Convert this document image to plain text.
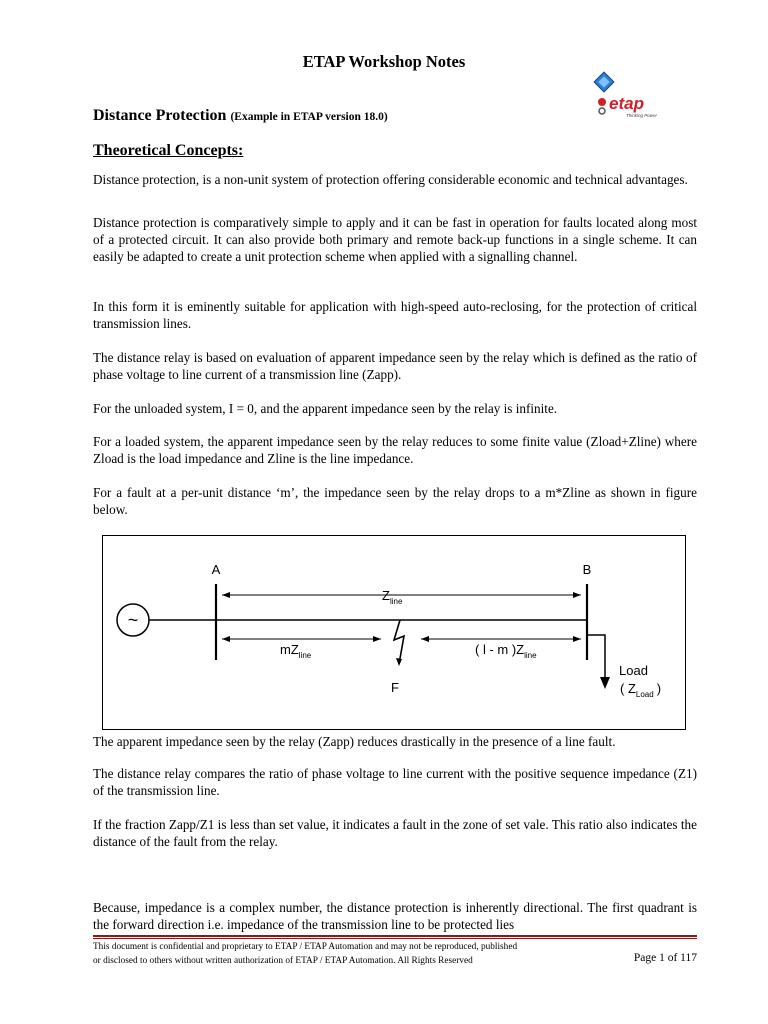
ETAP Workshop Notes
etap
Thinking Power
Distance Protection (Example in ETAP version 18.0)
Theoretical Concepts:

Distance protection, is a non-unit system of protection offering considerable economic and technical advantages.

Distance protection is comparatively simple to apply and it can be fast in operation for faults located along most of a protected circuit. It can also provide both primary and remote back-up functions in a single scheme. It can easily be adapted to create a unit protection scheme when applied with a signalling channel.

In this form it is eminently suitable for application with high-speed auto-reclosing, for the protection of critical transmission lines.

The distance relay is based on evaluation of apparent impedance seen by the relay which is defined as the ratio of phase voltage to line current of a transmission line (Zapp).

For the unloaded system, I = 0, and the apparent impedance seen by the relay is infinite.

For a loaded system, the apparent impedance seen by the relay reduces to some finite value (Zload+Zline) where Zload is the load impedance and Zline is the line impedance.

For a fault at a per-unit distance ‘m’, the impedance seen by the relay drops to a m*Zline as shown in figure below.

~
A	B
$Z_{line}$
$mZ_{line}$	( l - m )$Z_{line}$
F
Load
( $Z_{Load}$ )

The apparent impedance seen by the relay (Zapp) reduces drastically in the presence of a line fault.

The distance relay compares the ratio of phase voltage to line current with the positive sequence impedance (Z1) of the transmission line.

If the fraction Zapp/Z1 is less than set value, it indicates a fault in the zone of set vale. This ratio also indicates the distance of the fault from the relay.

Because, impedance is a complex number, the distance protection is inherently directional. The first quadrant is the forward direction i.e. impedance of the transmission line to be protected lies

This document is confidential and proprietary to ETAP / ETAP Automation and may not be reproduced, published
or disclosed to others without written authorization of ETAP / ETAP Automation. All Rights Reserved	Page 1 of 117
